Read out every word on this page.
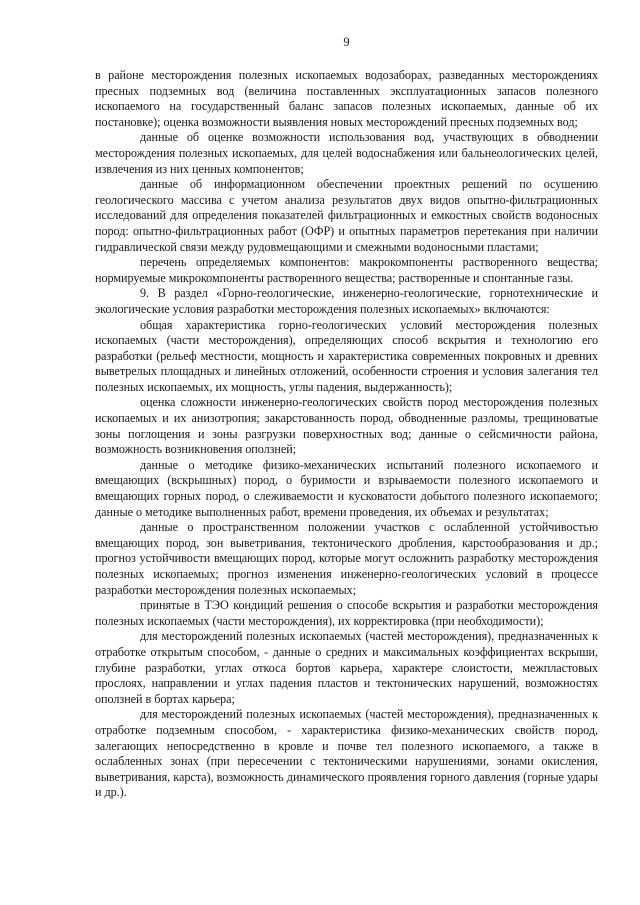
9

в районе месторождения полезных ископаемых водозаборах, разведанных месторождениях пресных подземных вод (величина поставленных эксплуатационных запасов полезного ископаемого на государственный баланс запасов полезных ископаемых, данные об их постановке); оценка возможности выявления новых месторождений пресных подземных вод;

данные об оценке возможности использования вод, участвующих в обводнении месторождения полезных ископаемых, для целей водоснабжения или бальнеологических целей, извлечения из них ценных компонентов;

данные об информационном обеспечении проектных решений по осушению геологического массива с учетом анализа результатов двух видов опытно-фильтрационных исследований для определения показателей фильтрационных и емкостных свойств водоносных пород: опытно-фильтрационных работ (ОФР) и опытных параметров перетекания при наличии гидравлической связи между рудовмещающими и смежными водоносными пластами;

перечень определяемых компонентов: макрокомпоненты растворенного вещества; нормируемые микрокомпоненты растворенного вещества; растворенные и спонтанные газы.

9. В раздел «Горно-геологические, инженерно-геологические, горнотехнические и экологические условия разработки месторождения полезных ископаемых» включаются:

общая характеристика горно-геологических условий месторождения полезных ископаемых (части месторождения), определяющих способ вскрытия и технологию его разработки (рельеф местности, мощность и характеристика современных покровных и древних выветрелых площадных и линейных отложений, особенности строения и условия залегания тел полезных ископаемых, их мощность, углы падения, выдержанность);

оценка сложности инженерно-геологических свойств пород месторождения полезных ископаемых и их анизотропия; закарстованность пород, обводненные разломы, трещиноватые зоны поглощения и зоны разгрузки поверхностных вод; данные о сейсмичности района, возможность возникновения оползней;

данные о методике физико-механических испытаний полезного ископаемого и вмещающих (вскрышных) пород, о буримости и взрываемости полезного ископаемого и вмещающих горных пород, о слеживаемости и кусковатости добытого полезного ископаемого; данные о методике выполненных работ, времени проведения, их объемах и результатах;

данные о пространственном положении участков с ослабленной устойчивостью вмещающих пород, зон выветривания, тектонического дробления, карстообразования и др.; прогноз устойчивости вмещающих пород, которые могут осложнить разработку месторождения полезных ископаемых; прогноз изменения инженерно-геологических условий в процессе разработки месторождения полезных ископаемых;

принятые в ТЭО кондиций решения о способе вскрытия и разработки месторождения полезных ископаемых (части месторождения), их корректировка (при необходимости);

для месторождений полезных ископаемых (частей месторождения), предназначенных к отработке открытым способом, - данные о средних и максимальных коэффициентах вскрыши, глубине разработки, углах откоса бортов карьера, характере слоистости, межпластовых прослоях, направлении и углах падения пластов и тектонических нарушений, возможностях оползней в бортах карьера;

для месторождений полезных ископаемых (частей месторождения), предназначенных к отработке подземным способом, - характеристика физико-механических свойств пород, залегающих непосредственно в кровле и почве тел полезного ископаемого, а также в ослабленных зонах (при пересечении с тектоническими нарушениями, зонами окисления, выветривания, карста), возможность динамического проявления горного давления (горные удары и др.).
